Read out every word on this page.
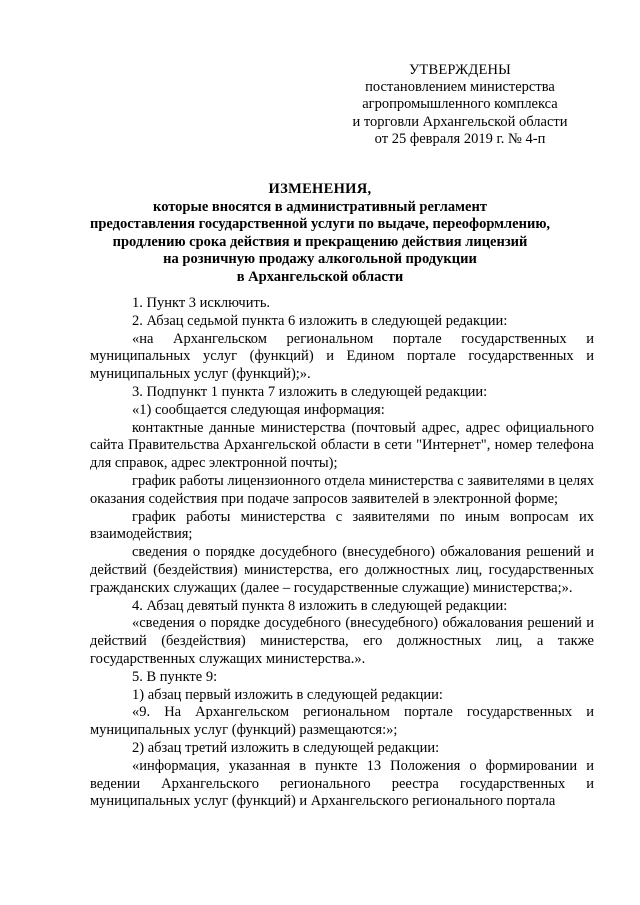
УТВЕРЖДЕНЫ
постановлением министерства
агропромышленного комплекса
и торговли Архангельской области
от 25 февраля 2019 г. № 4-п
ИЗМЕНЕНИЯ,
которые вносятся в административный регламент
предоставления государственной услуги по выдаче, переоформлению,
продлению срока действия и прекращению действия лицензий
на розничную продажу алкогольной продукции
в Архангельской области

1. Пункт 3 исключить.

2. Абзац седьмой пункта 6 изложить в следующей редакции:

«на Архангельском региональном портале государственных и муниципальных услуг (функций) и Едином портале государственных и муниципальных услуг (функций);».

3. Подпункт 1 пункта 7 изложить в следующей редакции:

«1) сообщается следующая информация:

контактные данные министерства (почтовый адрес, адрес официального сайта Правительства Архангельской области в сети "Интернет", номер телефона для справок, адрес электронной почты);

график работы лицензионного отдела министерства с заявителями в целях оказания содействия при подаче запросов заявителей в электронной форме;

график работы министерства с заявителями по иным вопросам их взаимодействия;

сведения о порядке досудебного (внесудебного) обжалования решений и действий (бездействия) министерства, его должностных лиц, государственных гражданских служащих (далее – государственные служащие) министерства;».

4. Абзац девятый пункта 8 изложить в следующей редакции:

«сведения о порядке досудебного (внесудебного) обжалования решений и действий (бездействия) министерства, его должностных лиц, а также государственных служащих министерства.».

5. В пункте 9:

1) абзац первый изложить в следующей редакции:

«9. На Архангельском региональном портале государственных и муниципальных услуг (функций) размещаются:»;

2) абзац третий изложить в следующей редакции:

«информация, указанная в пункте 13 Положения о формировании и ведении Архангельского регионального реестра государственных и муниципальных услуг (функций) и Архангельского регионального портала
